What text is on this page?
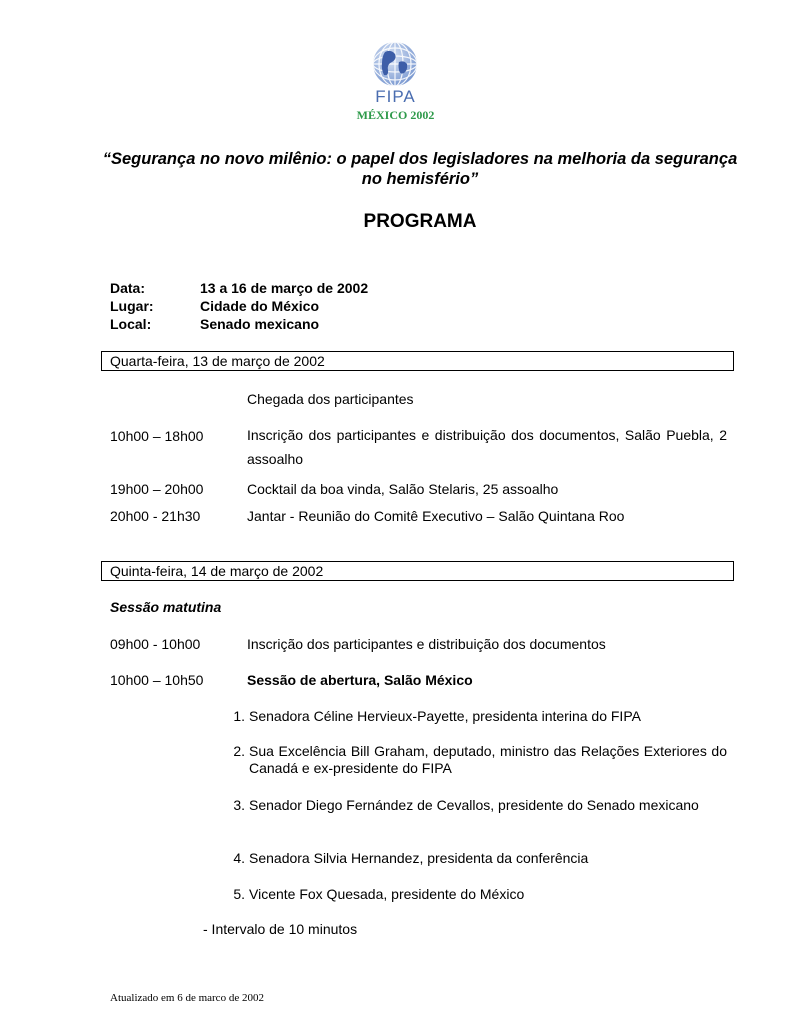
FIPA
MÉXICO 2002
“Segurança no novo milênio: o papel dos legisladores na melhoria da segurança no hemisfério”
PROGRAMA
Data:	13 a 16 de março de 2002
Lugar:	Cidade do México
Local:	Senado mexicano
Quarta-feira, 13 de março de 2002
Chegada dos participantes
10h00 – 18h00	Inscrição dos participantes e distribuição dos documentos, Salão Puebla, 2 assoalho
19h00 – 20h00	Cocktail da boa vinda, Salão Stelaris, 25 assoalho
20h00 - 21h30	Jantar - Reunião do Comitê Executivo – Salão Quintana Roo
Quinta-feira, 14 de março de 2002
Sessão matutina
09h00 - 10h00	Inscrição dos participantes e distribuição dos documentos
10h00 – 10h50	Sessão de abertura, Salão México
1. Senadora Céline Hervieux-Payette, presidenta interina do FIPA
2. Sua Excelência Bill Graham, deputado, ministro das Relações Exteriores do Canadá e ex-presidente do FIPA
3. Senador Diego Fernández de Cevallos, presidente do Senado mexicano
4. Senadora Silvia Hernandez, presidenta da conferência
5. Vicente Fox Quesada, presidente do México
- Intervalo de 10 minutos
Atualizado em 6 de marco de 2002
